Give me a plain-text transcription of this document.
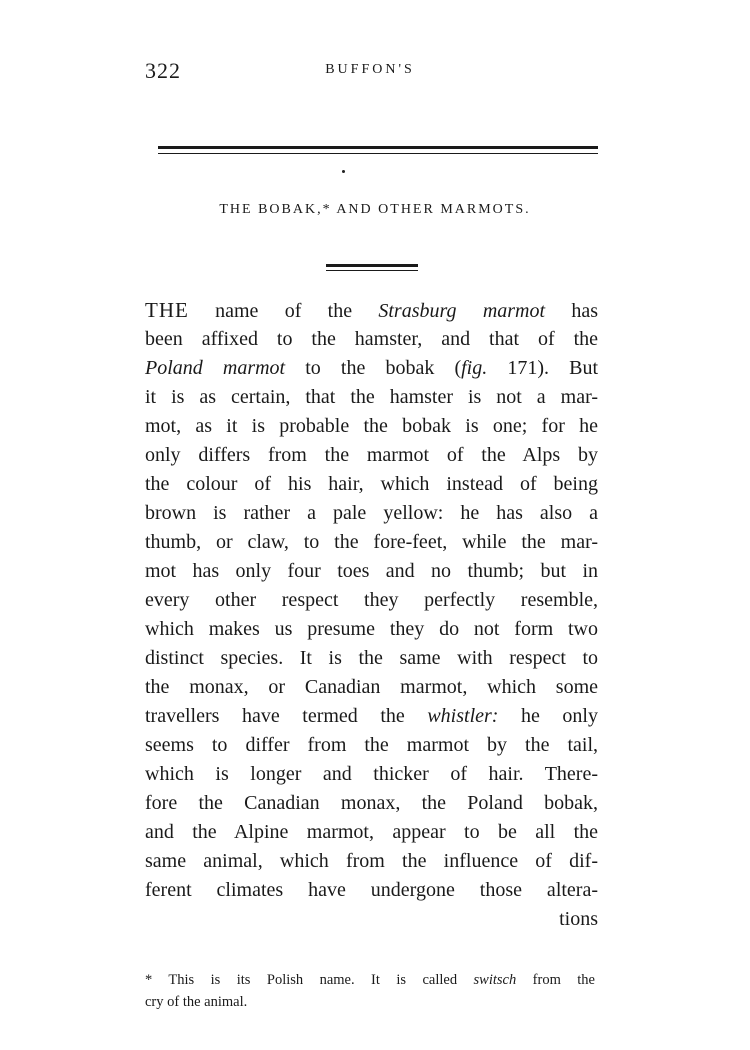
322	BUFFON'S
THE BOBAK,* AND OTHER MARMOTS.
THE name of the Strasburg marmot has
been affixed to the hamster, and that of the
Poland marmot to the bobak (fig. 171). But
it is as certain, that the hamster is not a mar-
mot, as it is probable the bobak is one; for he
only differs from the marmot of the Alps by
the colour of his hair, which instead of being
brown is rather a pale yellow: he has also a
thumb, or claw, to the fore-feet, while the mar-
mot has only four toes and no thumb; but in
every other respect they perfectly resemble,
which makes us presume they do not form two
distinct species. It is the same with respect to
the monax, or Canadian marmot, which some
travellers have termed the whistler: he only
seems to differ from the marmot by the tail,
which is longer and thicker of hair. There-
fore the Canadian monax, the Poland bobak,
and the Alpine marmot, appear to be all the
same animal, which from the influence of dif-
ferent climates have undergone those altera-
tions
* This is its Polish name. It is called switsch from the
cry of the animal.
